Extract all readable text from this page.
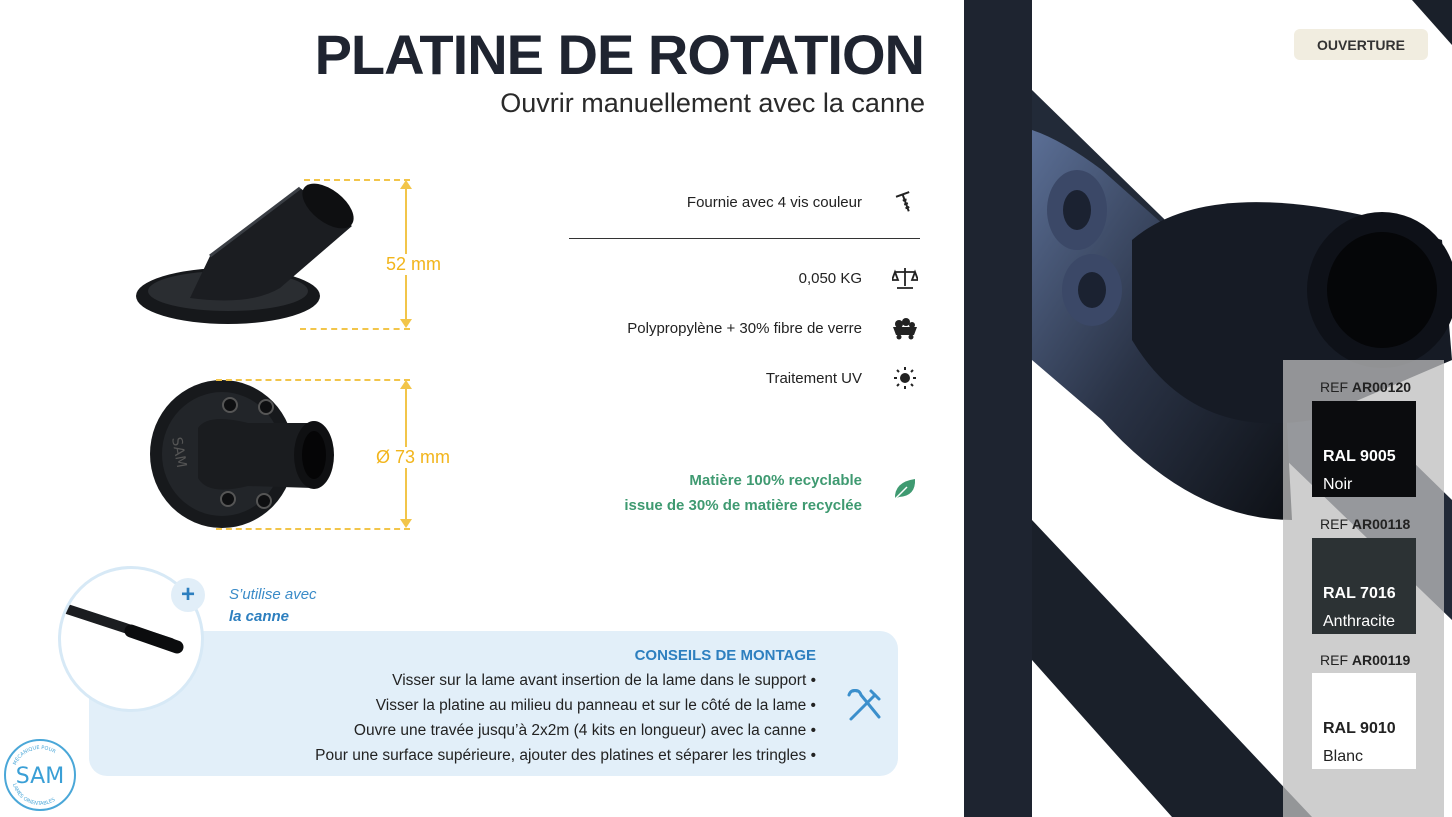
PLATINE DE ROTATION
Ouvrir manuellement avec la canne
SAM
52 mm
Ø 73 mm
Fournie avec 4 vis couleur
0,050 KG
Polypropylène + 30% fibre de verre
Traitement UV
Matière 100% recyclable
issue de 30% de matière recyclée
OUVERTURE
REF AR00120
RAL 9005
Noir
REF AR00118
RAL 7016
Anthracite
REF AR00119
RAL 9010
Blanc
CONSEILS DE MONTAGE
Visser sur la lame avant insertion de la lame dans le support •
Visser la platine au milieu du panneau et sur le côté de la lame •
Ouvre une travée jusqu’à 2x2m (4 kits en longueur) avec la canne •
Pour une surface supérieure, ajouter des platines et séparer les tringles •
+	S’utilise avec
la canne
MÉCANIQUE POUR
LAMES ORIENTABLES
SAM
